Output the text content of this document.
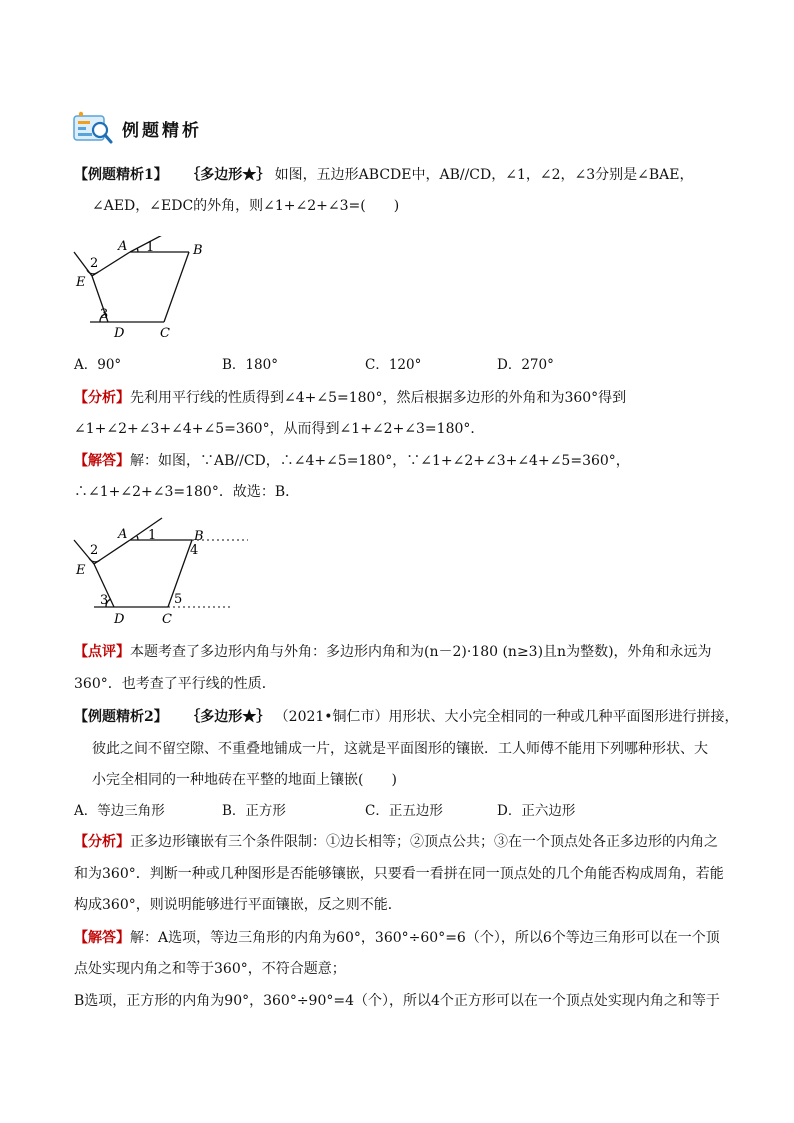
例题精析
【例题精析1】 ｛多边形★｝ 如图，五边形ABCDE中，AB//CD，∠1，∠2，∠3分别是∠BAE，
∠AED，∠EDC的外角，则∠1+∠2+∠3=(　　)
A 1	B
2
E
3
D	C
A．90°	B．180°	C．120°	D．270°
【分析】先利用平行线的性质得到∠4+∠5=180°，然后根据多边形的外角和为360°得到
∠1+∠2+∠3+∠4+∠5=360°，从而得到∠1+∠2+∠3=180°．
【解答】解：如图，∵AB//CD，∴∠4+∠5=180°，∵∠1+∠2+∠3+∠4+∠5=360°，
∴∠1+∠2+∠3=180°．故选：B．
A 1	B
4
2
E
3	5
D	C
【点评】本题考查了多边形内角与外角：多边形内角和为(n－2)·180 (n≥3)且n为整数)，外角和永远为
360°．也考查了平行线的性质．
【例题精析2】 ｛多边形★｝ （2021•铜仁市）用形状、大小完全相同的一种或几种平面图形进行拼接，
彼此之间不留空隙、不重叠地铺成一片，这就是平面图形的镶嵌．工人师傅不能用下列哪种形状、大
小完全相同的一种地砖在平整的地面上镶嵌(　　)
A．等边三角形	B．正方形	C．正五边形	D．正六边形
【分析】正多边形镶嵌有三个条件限制：①边长相等；②顶点公共；③在一个顶点处各正多边形的内角之
和为360°．判断一种或几种图形是否能够镶嵌，只要看一看拼在同一顶点处的几个角能否构成周角，若能
构成360°，则说明能够进行平面镶嵌，反之则不能．
【解答】解：A选项，等边三角形的内角为60°，360°÷60°=6（个），所以6个等边三角形可以在一个顶
点处实现内角之和等于360°，不符合题意；
B选项，正方形的内角为90°，360°÷90°=4（个），所以4个正方形可以在一个顶点处实现内角之和等于
